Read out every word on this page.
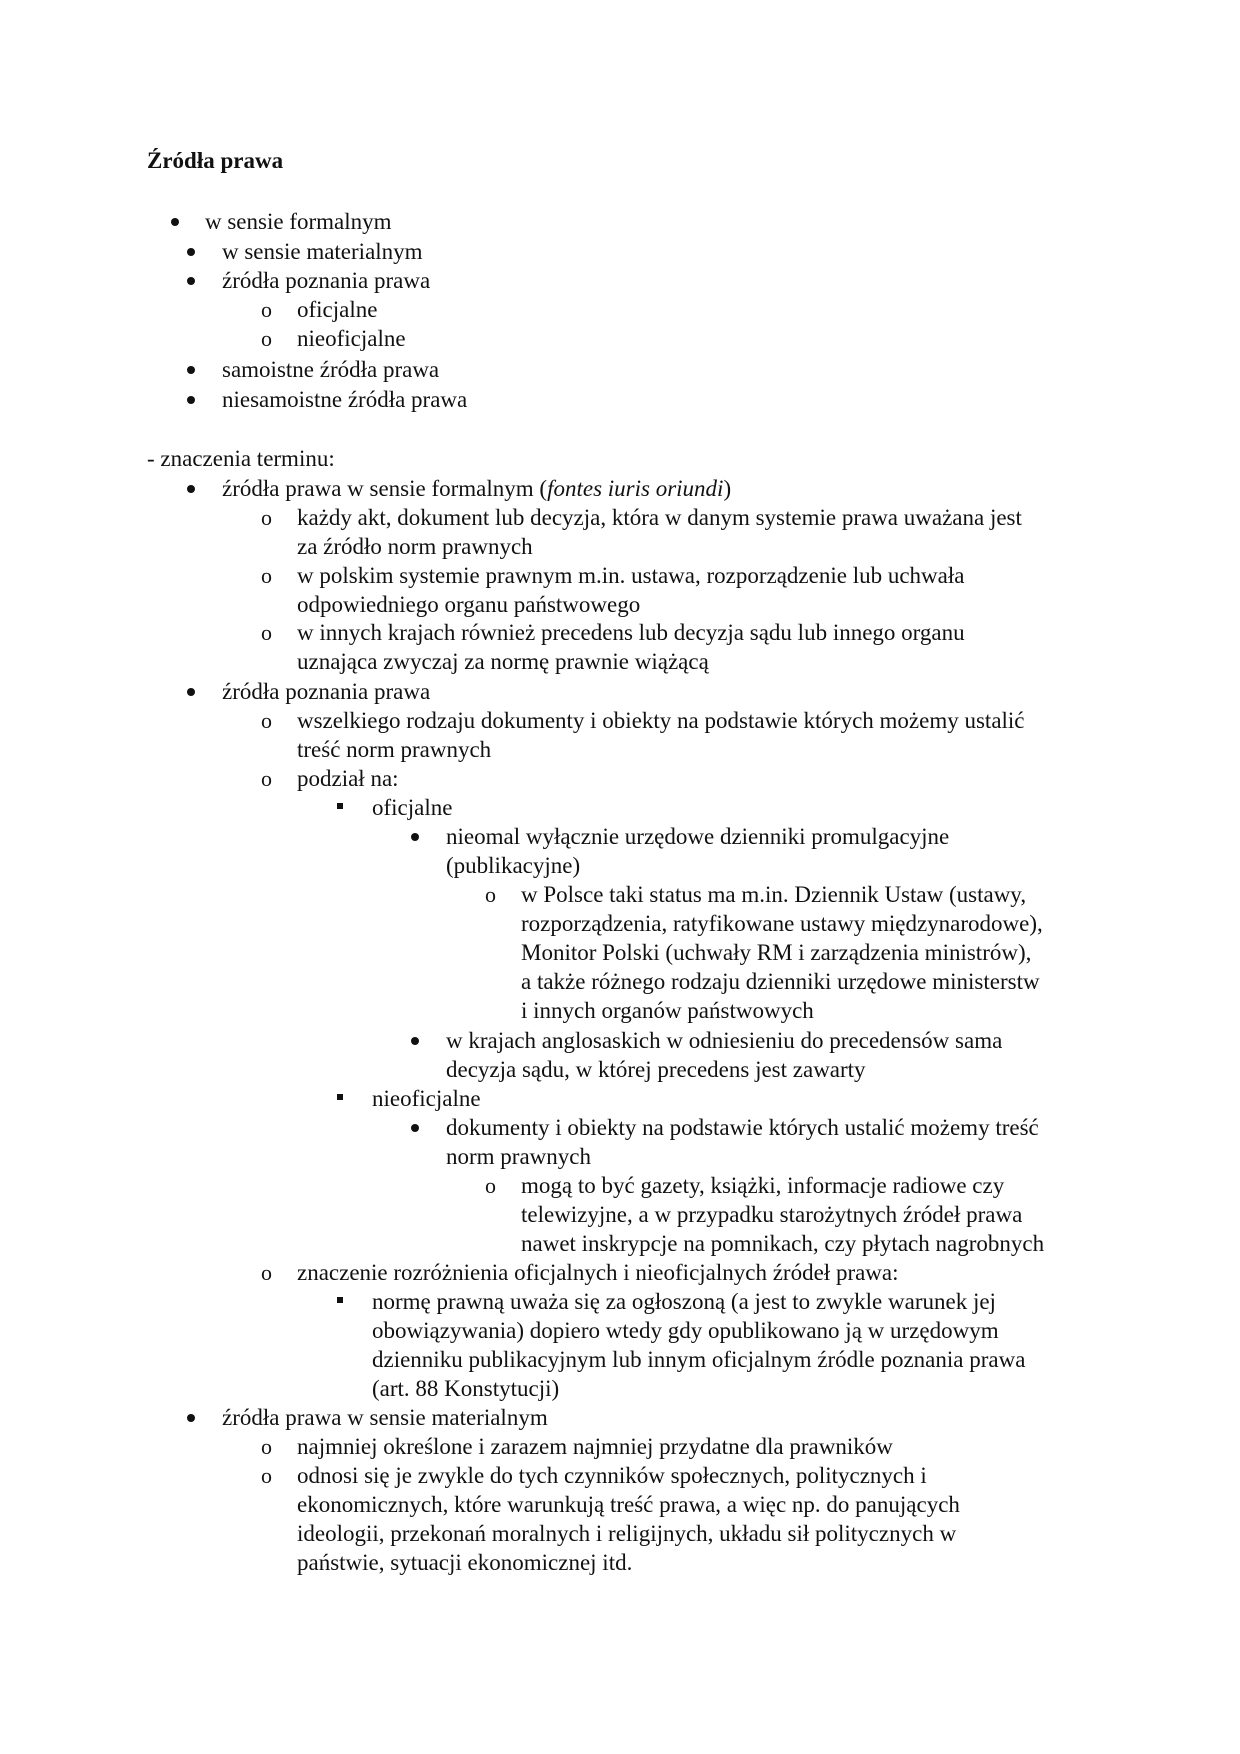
Źródła prawa
w sensie formalnym
w sensie materialnym
źródła poznania prawa
o oficjalne
o nieoficjalne
samoistne źródła prawa
niesamoistne źródła prawa
- znaczenia terminu:
źródła prawa w sensie formalnym (fontes iuris oriundi)
o każdy akt, dokument lub decyzja, która w danym systemie prawa uważana jest
za źródło norm prawnych
o w polskim systemie prawnym m.in. ustawa, rozporządzenie lub uchwała
odpowiedniego organu państwowego
o w innych krajach również precedens lub decyzja sądu lub innego organu
uznająca zwyczaj za normę prawnie wiążącą
źródła poznania prawa
o wszelkiego rodzaju dokumenty i obiekty na podstawie których możemy ustalić
treść norm prawnych
o podział na:
oficjalne
nieomal wyłącznie urzędowe dzienniki promulgacyjne
(publikacyjne)
o w Polsce taki status ma m.in. Dziennik Ustaw (ustawy,
rozporządzenia, ratyfikowane ustawy międzynarodowe),
Monitor Polski (uchwały RM i zarządzenia ministrów),
a także różnego rodzaju dzienniki urzędowe ministerstw
i innych organów państwowych
w krajach anglosaskich w odniesieniu do precedensów sama
decyzja sądu, w której precedens jest zawarty
nieoficjalne
dokumenty i obiekty na podstawie których ustalić możemy treść
norm prawnych
o mogą to być gazety, książki, informacje radiowe czy
telewizyjne, a w przypadku starożytnych źródeł prawa
nawet inskrypcje na pomnikach, czy płytach nagrobnych
o znaczenie rozróżnienia oficjalnych i nieoficjalnych źródeł prawa:
normę prawną uważa się za ogłoszoną (a jest to zwykle warunek jej
obowiązywania) dopiero wtedy gdy opublikowano ją w urzędowym
dzienniku publikacyjnym lub innym oficjalnym źródle poznania prawa
(art. 88 Konstytucji)
źródła prawa w sensie materialnym
o najmniej określone i zarazem najmniej przydatne dla prawników
o odnosi się je zwykle do tych czynników społecznych, politycznych i
ekonomicznych, które warunkują treść prawa, a więc np. do panujących
ideologii, przekonań moralnych i religijnych, układu sił politycznych w
państwie, sytuacji ekonomicznej itd.
